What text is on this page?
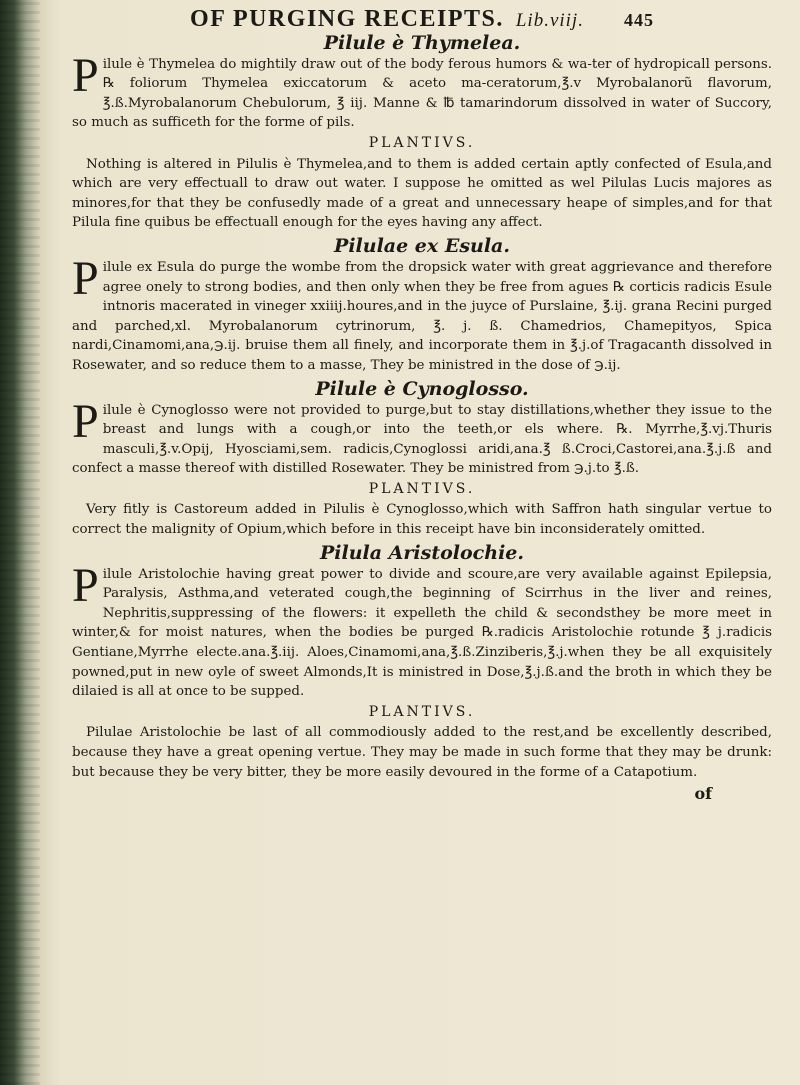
OF PURGING RECEIPTS. Lib.viij. 445
Pilule è Thymelea.

Pilule è Thymelea do mightily draw out of the body ferous humors & wa-ter of hydropicall persons. ℞ foliorum Thymelea exiccatorum & aceto ma-ceratorum,℥.v Myrobalanorũ flavorum, ℥.ß.Myrobalanorum Chebulorum, ℥ iij. Manne & ℔ tamarindorum dissolved in water of Succory, so much as sufficeth for the forme of pils.

PLANTIVS.

Nothing is altered in Pilulis è Thymelea,and to them is added certain aptly confected of Esula,and which are very effectuall to draw out water. I suppose he omitted as wel Pilulas Lucis majores as minores,for that they be confusedly made of a great and unnecessary heape of simples,and for that Pilula fine quibus be effectuall enough for the eyes having any affect.

Pilulae ex Esula.

Pilule ex Esula do purge the wombe from the dropsick water with great aggrievance and therefore agree onely to strong bodies, and then only when they be free from agues ℞ corticis radicis Esule intnoris macerated in vineger xxiiij.houres,and in the juyce of Purslaine, ℥.ij. grana Recini purged and parched,xl. Myrobalanorum cytrinorum, ℥. j. ß. Chamedrios, Chamepityos, Spica nardi,Cinamomi,ana,℈.ij. bruise them all finely, and incorporate them in ℥.j.of Tragacanth dissolved in Rosewater, and so reduce them to a masse, They be ministred in the dose of ℈.ij.

Pilule è Cynoglosso.

Pilule è Cynoglosso were not provided to purge,but to stay distillations,whether they issue to the breast and lungs with a cough,or into the teeth,or els where. ℞. Myrrhe,℥.vj.Thuris masculi,℥.v.Opij, Hyosciami,sem. radicis,Cynoglossi aridi,ana.℥ ß.Croci,Castorei,ana.℥.j.ß and confect a masse thereof with distilled Rosewater. They be ministred from ℈.j.to ℥.ß.

PLANTIVS.

Very fitly is Castoreum added in Pilulis è Cynoglosso,which with Saffron hath singular vertue to correct the malignity of Opium,which before in this receipt have bin inconsiderately omitted.

Pilula Aristolochie.

Pilule Aristolochie having great power to divide and scoure,are very available against Epilepsia, Paralysis, Asthma,and veterated cough,the beginning of Scirrhus in the liver and reines, Nephritis,suppressing of the flowers: it expelleth the child & secondsthey be more meet in winter,& for moist natures, when the bodies be purged ℞.radicis Aristolochie rotunde ℥ j.radicis Gentiane,Myrrhe electe.ana.℥.iij. Aloes,Cinamomi,ana,℥.ß.Zinziberis,℥.j.when they be all exquisitely powned,put in new oyle of sweet Almonds,It is ministred in Dose,℥.j.ß.and the broth in which they be dilaied is all at once to be supped.

PLANTIVS.

Pilulae Aristolochie be last of all commodiously added to the rest,and be excellently described, because they have a great opening vertue. They may be made in such forme that they may be drunk: but because they be very bitter, they be more easily devoured in the forme of a Catapotium.

of
